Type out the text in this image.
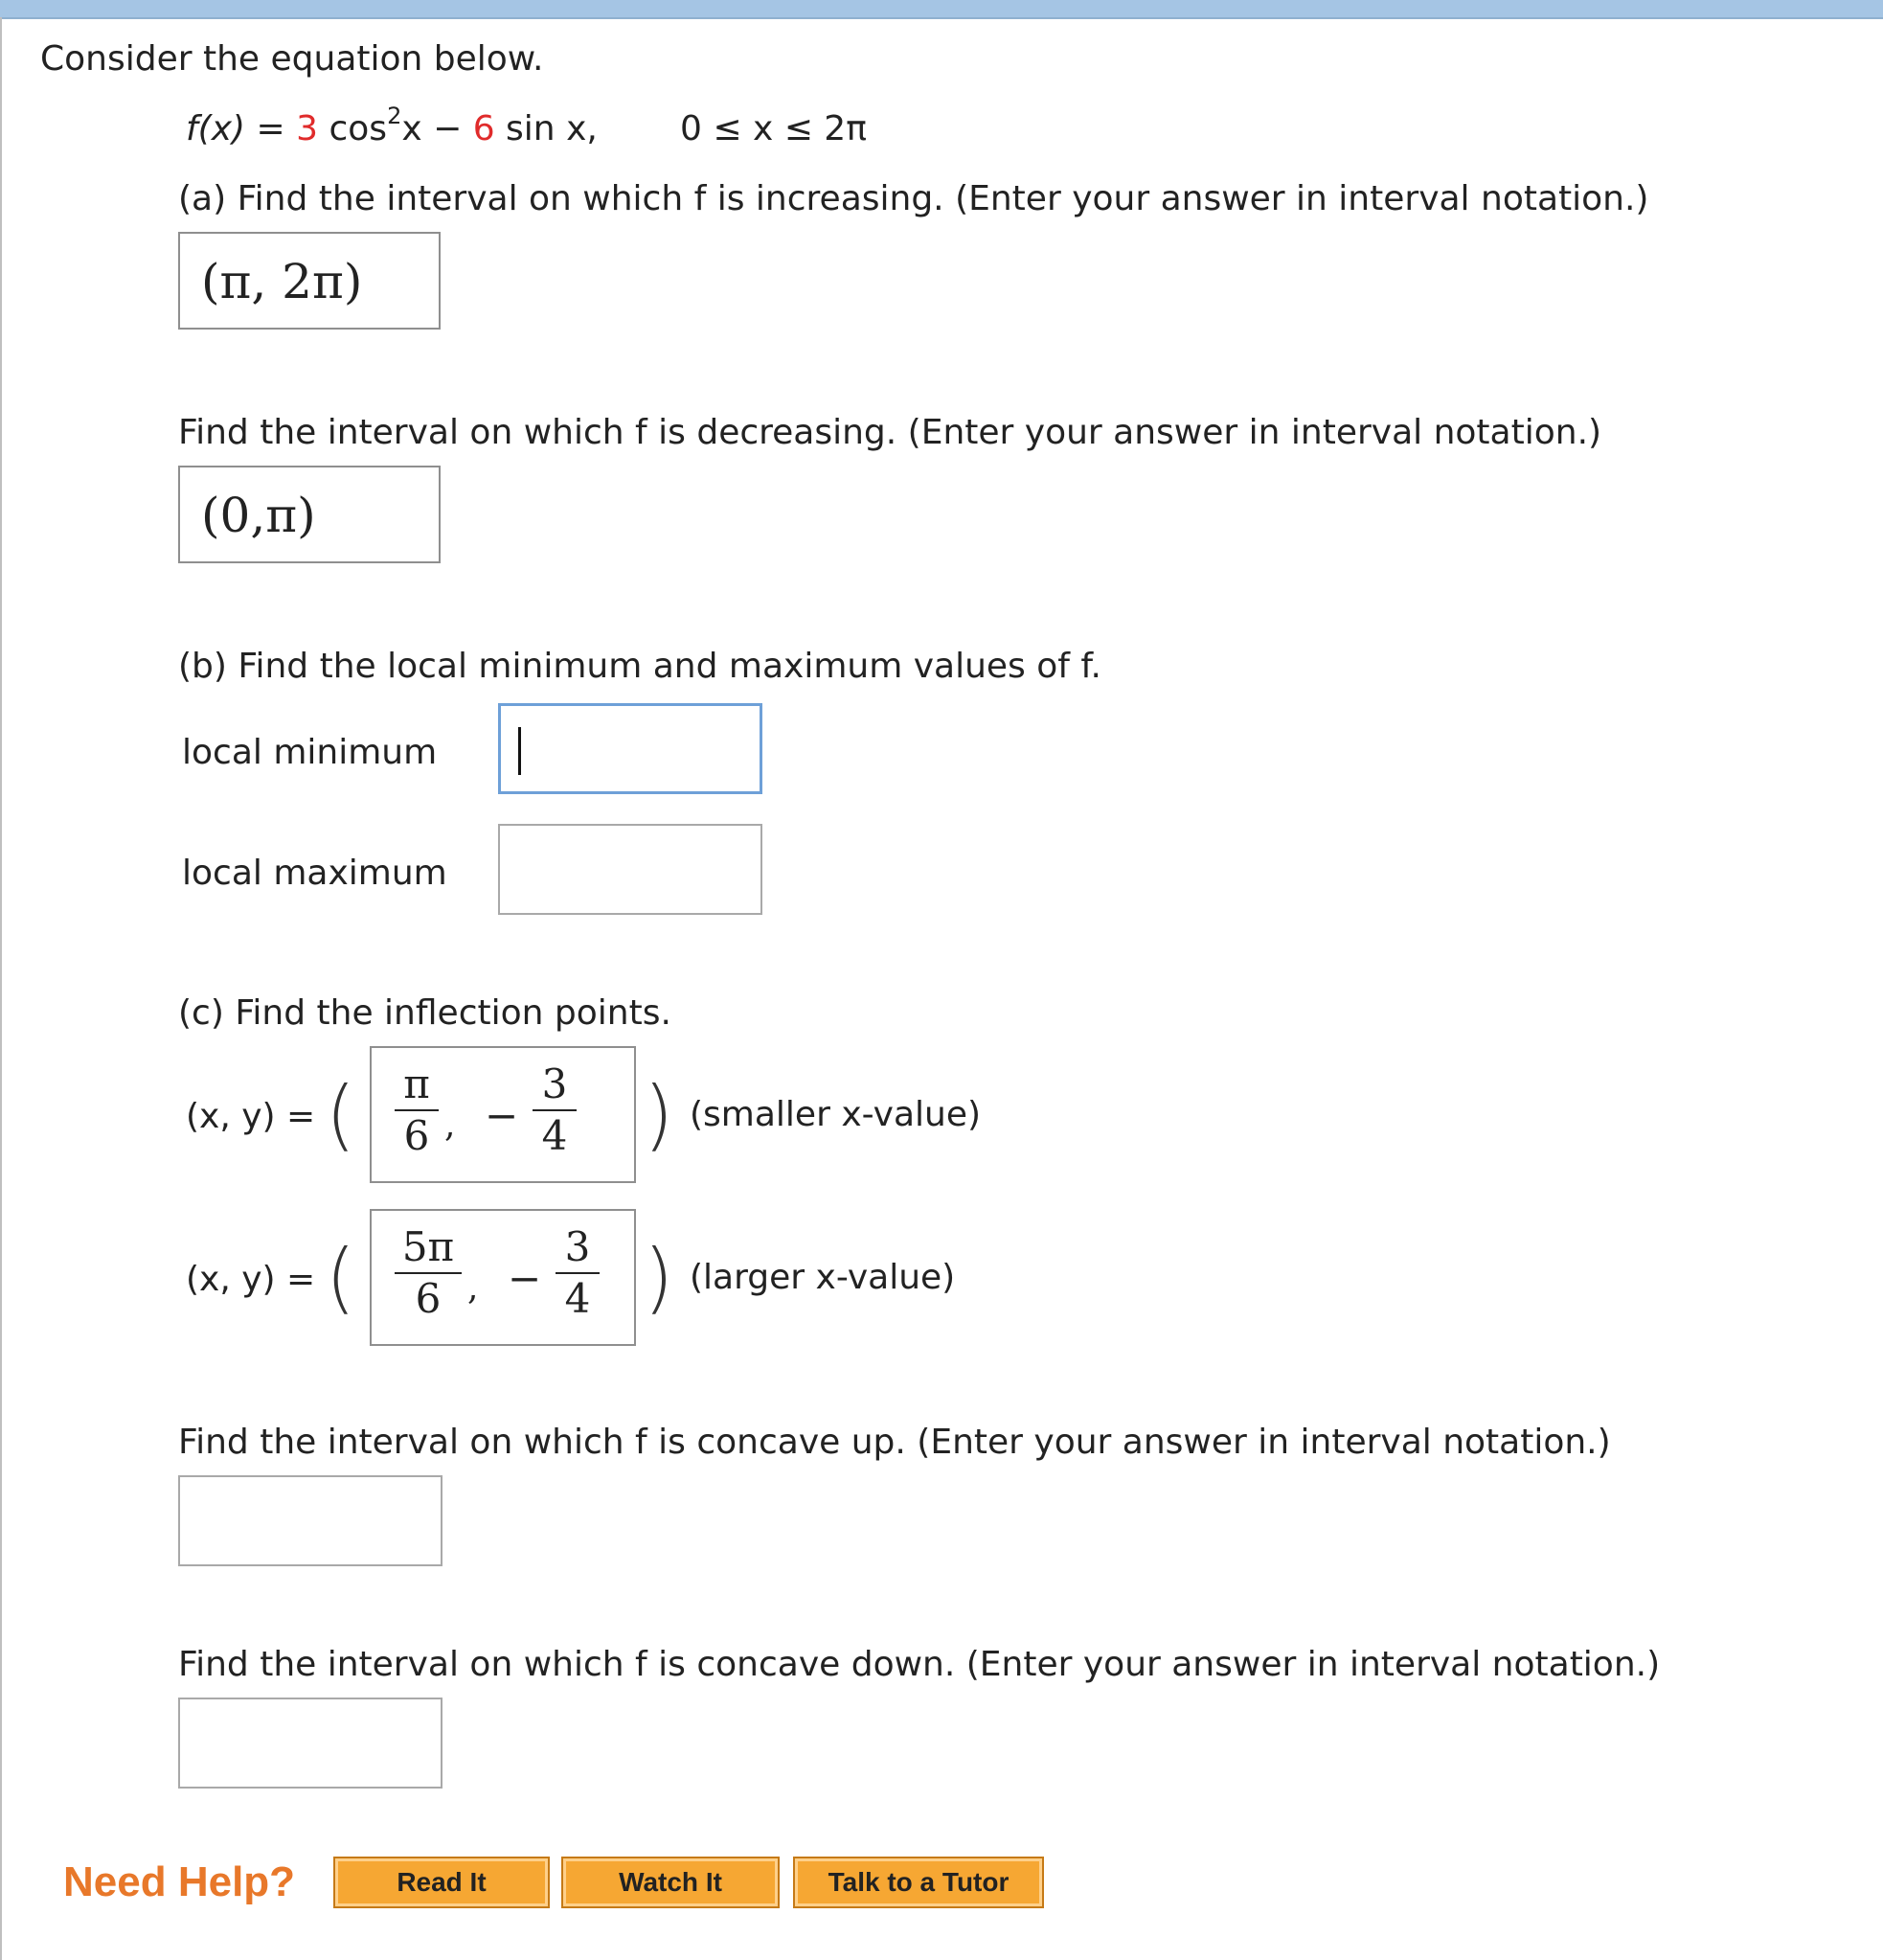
Consider the equation below.
f(x) = 3 $\cos^2x - 6$ sin x, 0 ≤ x ≤ 2π
(a) Find the interval on which f is increasing. (Enter your answer in interval notation.)
(π, 2π)
Find the interval on which f is decreasing. (Enter your answer in interval notation.)
(0,π)
(b) Find the local minimum and maximum values of f.
local minimum
local maximum
(c) Find the inflection points.
(x, y) = ( π
6 , −
3
4 ) (smaller x-value)
(x, y) = ( 5π
6 , −
3
4 ) (larger x-value)
Find the interval on which f is concave up. (Enter your answer in interval notation.)
Find the interval on which f is concave down. (Enter your answer in interval notation.)
Need Help?	Read It	Watch It	Talk to a Tutor
